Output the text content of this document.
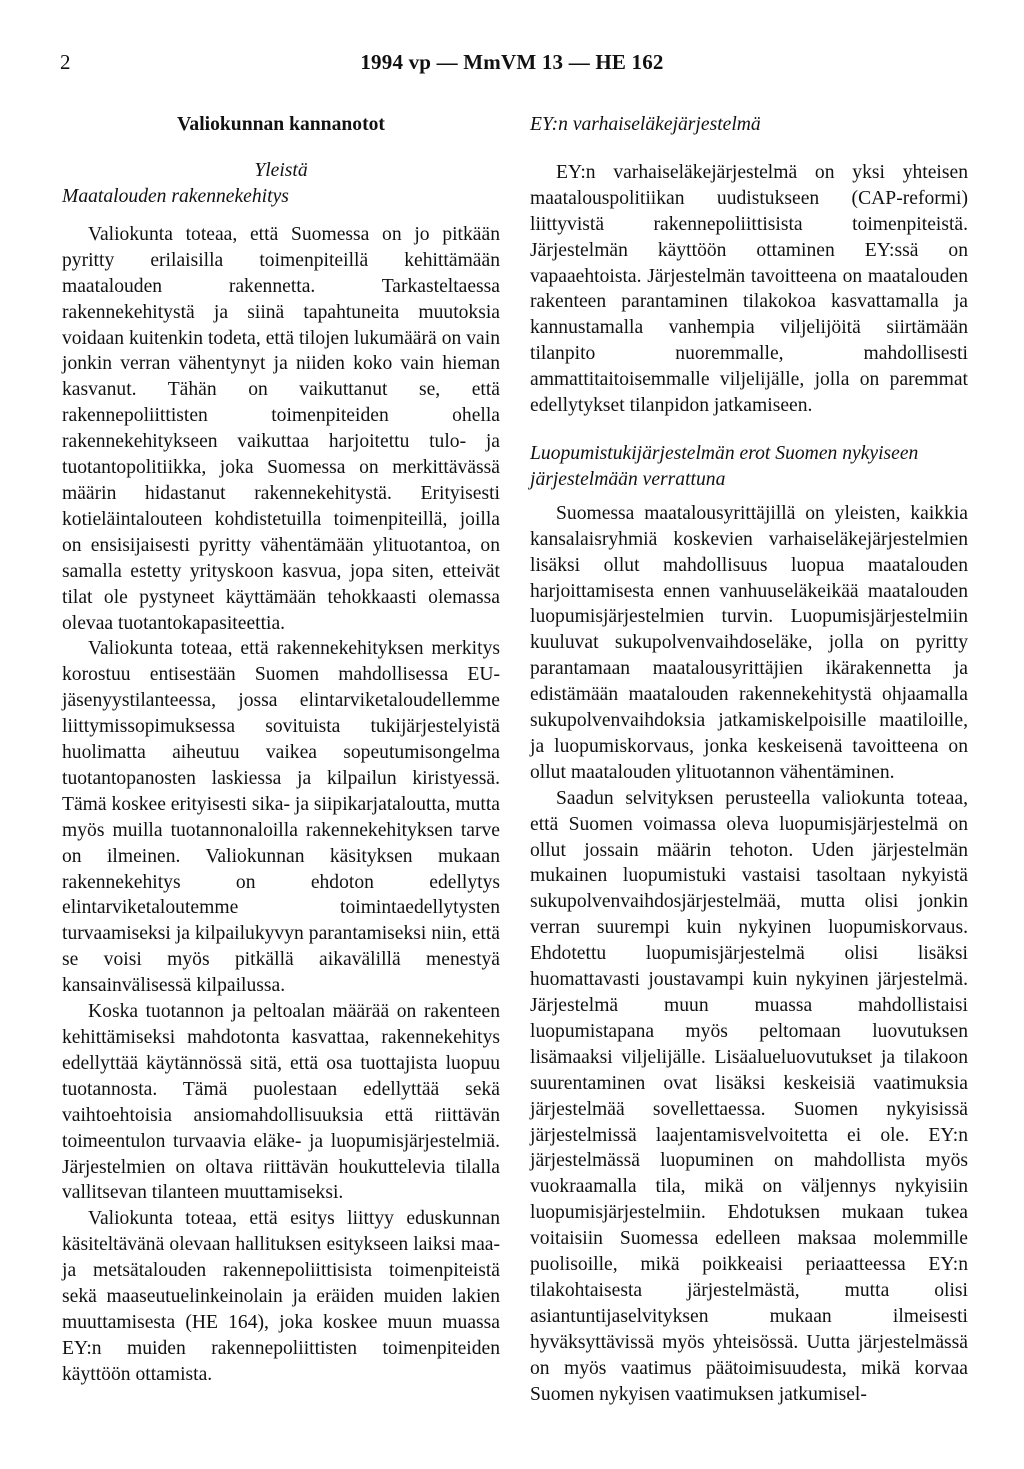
2	1994 vp — MmVM 13 — HE 162
Valiokunnan kannanotot
Yleistä
Maatalouden rakennekehitys

Valiokunta toteaa, että Suomessa on jo pitkään pyritty erilaisilla toimenpiteillä kehittämään maatalouden rakennetta. Tarkasteltaessa rakennekehitystä ja siinä tapahtuneita muutoksia voidaan kuitenkin todeta, että tilojen lukumäärä on vain jonkin verran vähentynyt ja niiden koko vain hieman kasvanut. Tähän on vaikuttanut se, että rakennepoliittisten toimenpiteiden ohella rakennekehitykseen vaikuttaa harjoitettu tulo- ja tuotantopolitiikka, joka Suomessa on merkittävässä määrin hidastanut rakennekehitystä. Erityisesti kotieläintalouteen kohdistetuilla toimenpiteillä, joilla on ensisijaisesti pyritty vähentämään ylituotantoa, on samalla estetty yrityskoon kasvua, jopa siten, etteivät tilat ole pystyneet käyttämään tehokkaasti olemassa olevaa tuotantokapasiteettia.

Valiokunta toteaa, että rakennekehityksen merkitys korostuu entisestään Suomen mahdollisessa EU-jäsenyystilanteessa, jossa elintarviketaloudellemme liittymissopimuksessa sovituista tukijärjestelyistä huolimatta aiheutuu vaikea sopeutumisongelma tuotantopanosten laskiessa ja kilpailun kiristyessä. Tämä koskee erityisesti sika- ja siipikarjataloutta, mutta myös muilla tuotannonaloilla rakennekehityksen tarve on ilmeinen. Valiokunnan käsityksen mukaan rakennekehitys on ehdoton edellytys elintarviketaloutemme toimintaedellytysten turvaamiseksi ja kilpailukyvyn parantamiseksi niin, että se voisi myös pitkällä aikavälillä menestyä kansainvälisessä kilpailussa.

Koska tuotannon ja peltoalan määrää on rakenteen kehittämiseksi mahdotonta kasvattaa, rakennekehitys edellyttää käytännössä sitä, että osa tuottajista luopuu tuotannosta. Tämä puolestaan edellyttää sekä vaihtoehtoisia ansiomahdollisuuksia että riittävän toimeentulon turvaavia eläke- ja luopumisjärjestelmiä. Järjestelmien on oltava riittävän houkuttelevia tilalla vallitsevan tilanteen muuttamiseksi.

Valiokunta toteaa, että esitys liittyy eduskunnan käsiteltävänä olevaan hallituksen esitykseen laiksi maa- ja metsätalouden rakennepoliittisista toimenpiteistä sekä maaseutuelinkeinolain ja eräiden muiden lakien muuttamisesta (HE 164), joka koskee muun muassa EY:n muiden rakennepoliittisten toimenpiteiden käyttöön ottamista.

EY:n varhaiseläkejärjestelmä

EY:n varhaiseläkejärjestelmä on yksi yhteisen maatalouspolitiikan uudistukseen (CAP-reformi) liittyvistä rakennepoliittisista toimenpiteistä. Järjestelmän käyttöön ottaminen EY:ssä on vapaaehtoista. Järjestelmän tavoitteena on maatalouden rakenteen parantaminen tilakokoa kasvattamalla ja kannustamalla vanhempia viljelijöitä siirtämään tilanpito nuoremmalle, mahdollisesti ammattitaitoisemmalle viljelijälle, jolla on paremmat edellytykset tilanpidon jatkamiseen.

Luopumistukijärjestelmän erot Suomen nykyiseen järjestelmään verrattuna

Suomessa maatalousyrittäjillä on yleisten, kaikkia kansalaisryhmiä koskevien varhaiseläkejärjestelmien lisäksi ollut mahdollisuus luopua maatalouden harjoittamisesta ennen vanhuuseläkeikää maatalouden luopumisjärjestelmien turvin. Luopumisjärjestelmiin kuuluvat sukupolvenvaihdoseläke, jolla on pyritty parantamaan maatalousyrittäjien ikärakennetta ja edistämään maatalouden rakennekehitystä ohjaamalla sukupolvenvaihdoksia jatkamiskelpoisille maatiloille, ja luopumiskorvaus, jonka keskeisenä tavoitteena on ollut maatalouden ylituotannon vähentäminen.

Saadun selvityksen perusteella valiokunta toteaa, että Suomen voimassa oleva luopumisjärjestelmä on ollut jossain määrin tehoton. Uden järjestelmän mukainen luopumistuki vastaisi tasoltaan nykyistä sukupolvenvaihdosjärjestelmää, mutta olisi jonkin verran suurempi kuin nykyinen luopumiskorvaus. Ehdotettu luopumisjärjestelmä olisi lisäksi huomattavasti joustavampi kuin nykyinen järjestelmä. Järjestelmä muun muassa mahdollistaisi luopumistapana myös peltomaan luovutuksen lisämaaksi viljelijälle. Lisäalueluovutukset ja tilakoon suurentaminen ovat lisäksi keskeisiä vaatimuksia järjestelmää sovellettaessa. Suomen nykyisissä järjestelmissä laajentamisvelvoitetta ei ole. EY:n järjestelmässä luopuminen on mahdollista myös vuokraamalla tila, mikä on väljennys nykyisiin luopumisjärjestelmiin. Ehdotuksen mukaan tukea voitaisiin Suomessa edelleen maksaa molemmille puolisoille, mikä poikkeaisi periaatteessa EY:n tilakohtaisesta järjestelmästä, mutta olisi asiantuntijaselvityksen mukaan ilmeisesti hyväksyttävissä myös yhteisössä. Uutta järjestelmässä on myös vaatimus päätoimisuudesta, mikä korvaa Suomen nykyisen vaatimuksen jatkumisel-
